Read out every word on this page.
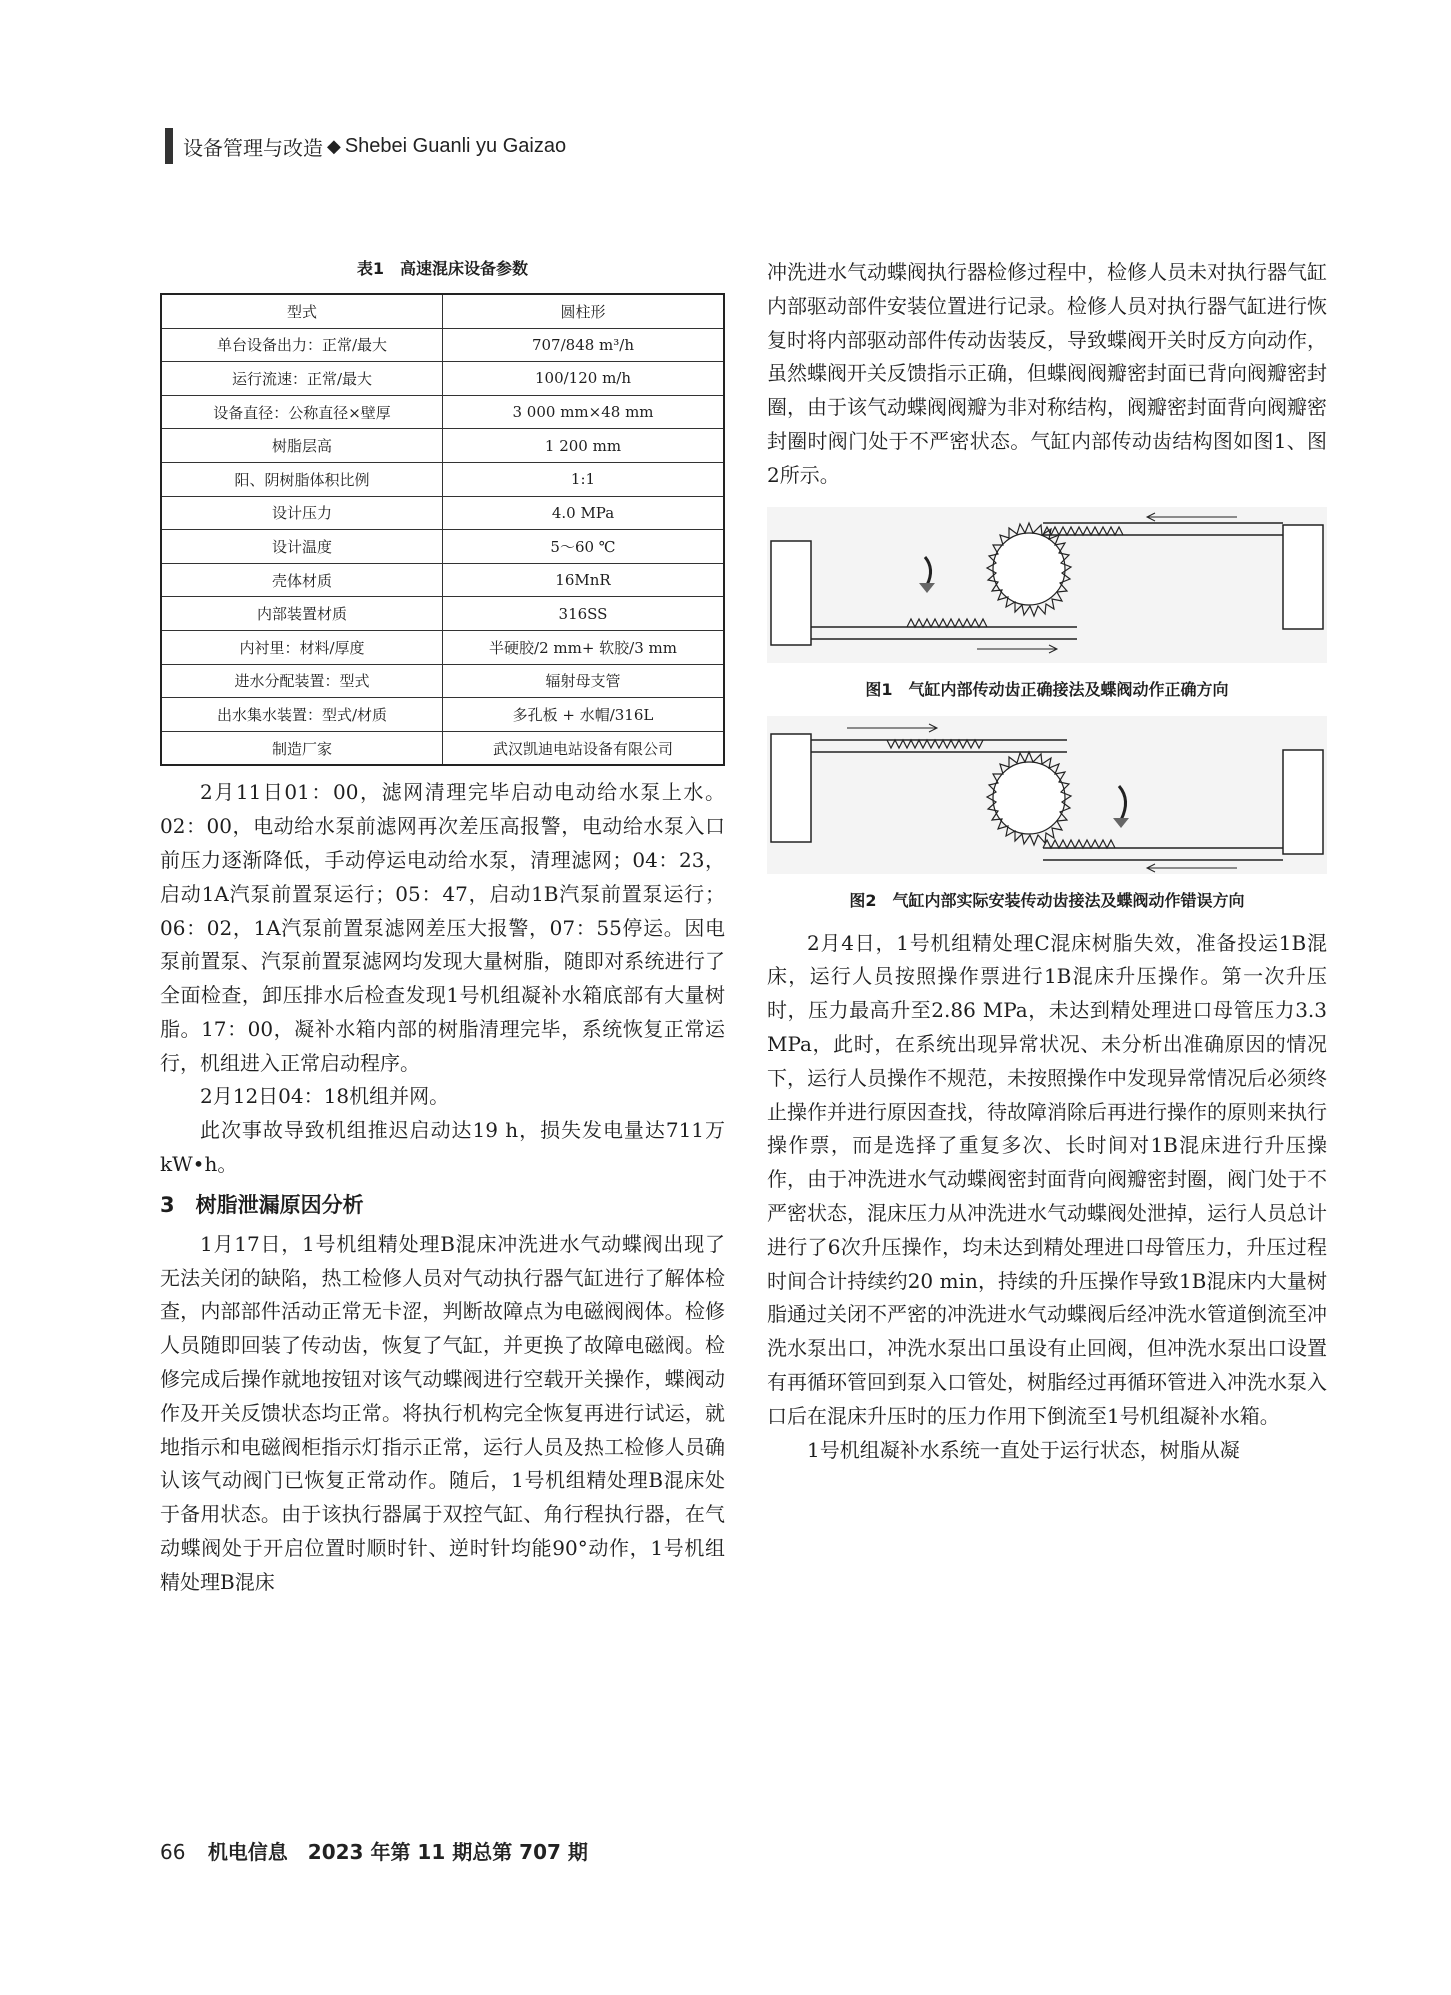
设备管理与改造 ◆ Shebei Guanli yu Gaizao
表1　高速混床设备参数
型式	圆柱形
单台设备出力：正常/最大	707/848 m³/h
运行流速：正常/最大	100/120 m/h
设备直径：公称直径×壁厚	3 000 mm×48 mm
树脂层高	1 200 mm
阳、阴树脂体积比例	1:1
设计压力	4.0 MPa
设计温度	5～60 ℃
壳体材质	16MnR
内部装置材质	316SS
内衬里：材料/厚度	半硬胶/2 mm+ 软胶/3 mm
进水分配装置：型式	辐射母支管
出水集水装置：型式/材质	多孔板 + 水帽/316L
制造厂家	武汉凯迪电站设备有限公司

2月11日01：00，滤网清理完毕启动电动给水泵上水。02：00，电动给水泵前滤网再次差压高报警，电动给水泵入口前压力逐渐降低，手动停运电动给水泵，清理滤网；04：23，启动1A汽泵前置泵运行；05：47，启动1B汽泵前置泵运行；06：02，1A汽泵前置泵滤网差压大报警，07：55停运。因电泵前置泵、汽泵前置泵滤网均发现大量树脂，随即对系统进行了全面检查，卸压排水后检查发现1号机组凝补水箱底部有大量树脂。17：00，凝补水箱内部的树脂清理完毕，系统恢复正常运行，机组进入正常启动程序。

2月12日04：18机组并网。

此次事故导致机组推迟启动达19 h，损失发电量达711万kW•h。

3　树脂泄漏原因分析

1月17日，1号机组精处理B混床冲洗进水气动蝶阀出现了无法关闭的缺陷，热工检修人员对气动执行器气缸进行了解体检查，内部部件活动正常无卡涩，判断故障点为电磁阀阀体。检修人员随即回装了传动齿，恢复了气缸，并更换了故障电磁阀。检修完成后操作就地按钮对该气动蝶阀进行空载开关操作，蝶阀动作及开关反馈状态均正常。将执行机构完全恢复再进行试运，就地指示和电磁阀柜指示灯指示正常，运行人员及热工检修人员确认该气动阀门已恢复正常动作。随后，1号机组精处理B混床处于备用状态。由于该执行器属于双控气缸、角行程执行器，在气动蝶阀处于开启位置时顺时针、逆时针均能90°动作，1号机组精处理B混床

冲洗进水气动蝶阀执行器检修过程中，检修人员未对执行器气缸内部驱动部件安装位置进行记录。检修人员对执行器气缸进行恢复时将内部驱动部件传动齿装反，导致蝶阀开关时反方向动作，虽然蝶阀开关反馈指示正确，但蝶阀阀瓣密封面已背向阀瓣密封圈，由于该气动蝶阀阀瓣为非对称结构，阀瓣密封面背向阀瓣密封圈时阀门处于不严密状态。气缸内部传动齿结构图如图1、图2所示。

图1　气缸内部传动齿正确接法及蝶阀动作正确方向
图2　气缸内部实际安装传动齿接法及蝶阀动作错误方向

2月4日，1号机组精处理C混床树脂失效，准备投运1B混床，运行人员按照操作票进行1B混床升压操作。第一次升压时，压力最高升至2.86 MPa，未达到精处理进口母管压力3.3 MPa，此时，在系统出现异常状况、未分析出准确原因的情况下，运行人员操作不规范，未按照操作中发现异常情况后必须终止操作并进行原因查找，待故障消除后再进行操作的原则来执行操作票，而是选择了重复多次、长时间对1B混床进行升压操作，由于冲洗进水气动蝶阀密封面背向阀瓣密封圈，阀门处于不严密状态，混床压力从冲洗进水气动蝶阀处泄掉，运行人员总计进行了6次升压操作，均未达到精处理进口母管压力，升压过程时间合计持续约20 min，持续的升压操作导致1B混床内大量树脂通过关闭不严密的冲洗进水气动蝶阀后经冲洗水管道倒流至冲洗水泵出口，冲洗水泵出口虽设有止回阀，但冲洗水泵出口设置有再循环管回到泵入口管处，树脂经过再循环管进入冲洗水泵入口后在混床升压时的压力作用下倒流至1号机组凝补水箱。

1号机组凝补水系统一直处于运行状态，树脂从凝

66 机电信息　2023 年第 11 期总第 707 期
